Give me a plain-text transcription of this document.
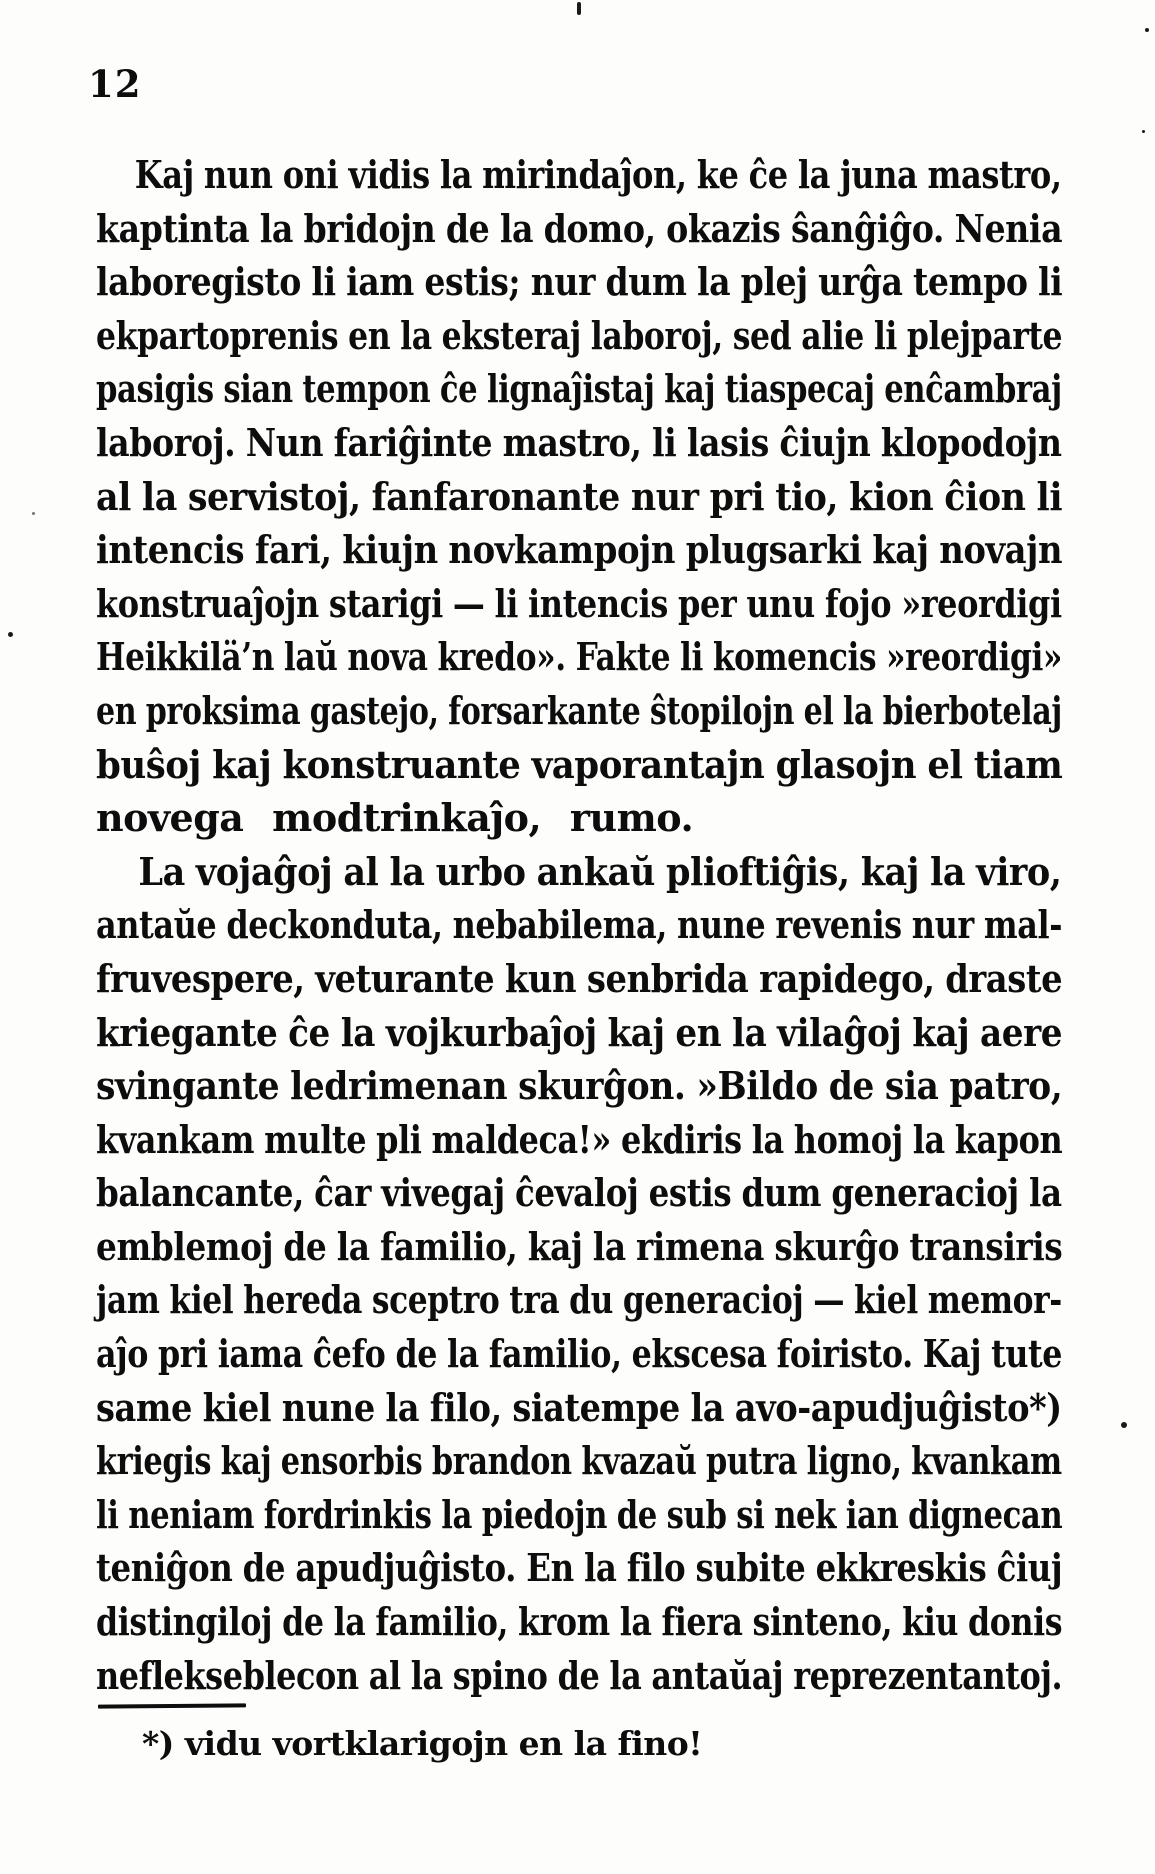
12
Kaj nun oni vidis la mirindaĵon, ke ĉe la juna mastro,
kaptinta la bridojn de la domo, okazis ŝanĝiĝo. Nenia
laboregisto li iam estis; nur dum la plej urĝa tempo li
ekpartoprenis en la eksteraj laboroj, sed alie li plejparte
pasigis sian tempon ĉe lignaĵistaj kaj tiaspecaj enĉambraj
laboroj. Nun fariĝinte mastro, li lasis ĉiujn klopodojn
al la servistoj, fanfaronante nur pri tio, kion ĉion li
intencis fari, kiujn novkampojn plugsarki kaj novajn
konstruaĵojn starigi — li intencis per unu fojo »reordigi
Heikkilä’n laŭ nova kredo». Fakte li komencis »reordigi»
en proksima gastejo, forsarkante ŝtopilojn el la bierbotelaj
buŝoj kaj konstruante vaporantajn glasojn el tiam
novega modtrinkaĵo, rumo.
La vojaĝoj al la urbo ankaŭ plioftiĝis, kaj la viro,
antaŭe deckonduta, nebabilema, nune revenis nur mal-
fruvespere, veturante kun senbrida rapidego, draste
kriegante ĉe la vojkurbaĵoj kaj en la vilaĝoj kaj aere
svingante ledrimenan skurĝon. »Bildo de sia patro,
kvankam multe pli maldeca!» ekdiris la homoj la kapon
balancante, ĉar vivegaj ĉevaloj estis dum generacioj la
emblemoj de la familio, kaj la rimena skurĝo transiris
jam kiel hereda sceptro tra du generacioj — kiel memor-
aĵo pri iama ĉefo de la familio, ekscesa foiristo. Kaj tute
same kiel nune la filo, siatempe la avo-apudjuĝisto*)
kriegis kaj ensorbis brandon kvazaŭ putra ligno, kvankam
li neniam fordrinkis la piedojn de sub si nek ian dignecan
teniĝon de apudjuĝisto. En la filo subite ekkreskis ĉiuj
distingiloj de la familio, krom la fiera sinteno, kiu donis
neflekseblecon al la spino de la antaŭaj reprezentantoj.
*) vidu vortklarigojn en la fino!
